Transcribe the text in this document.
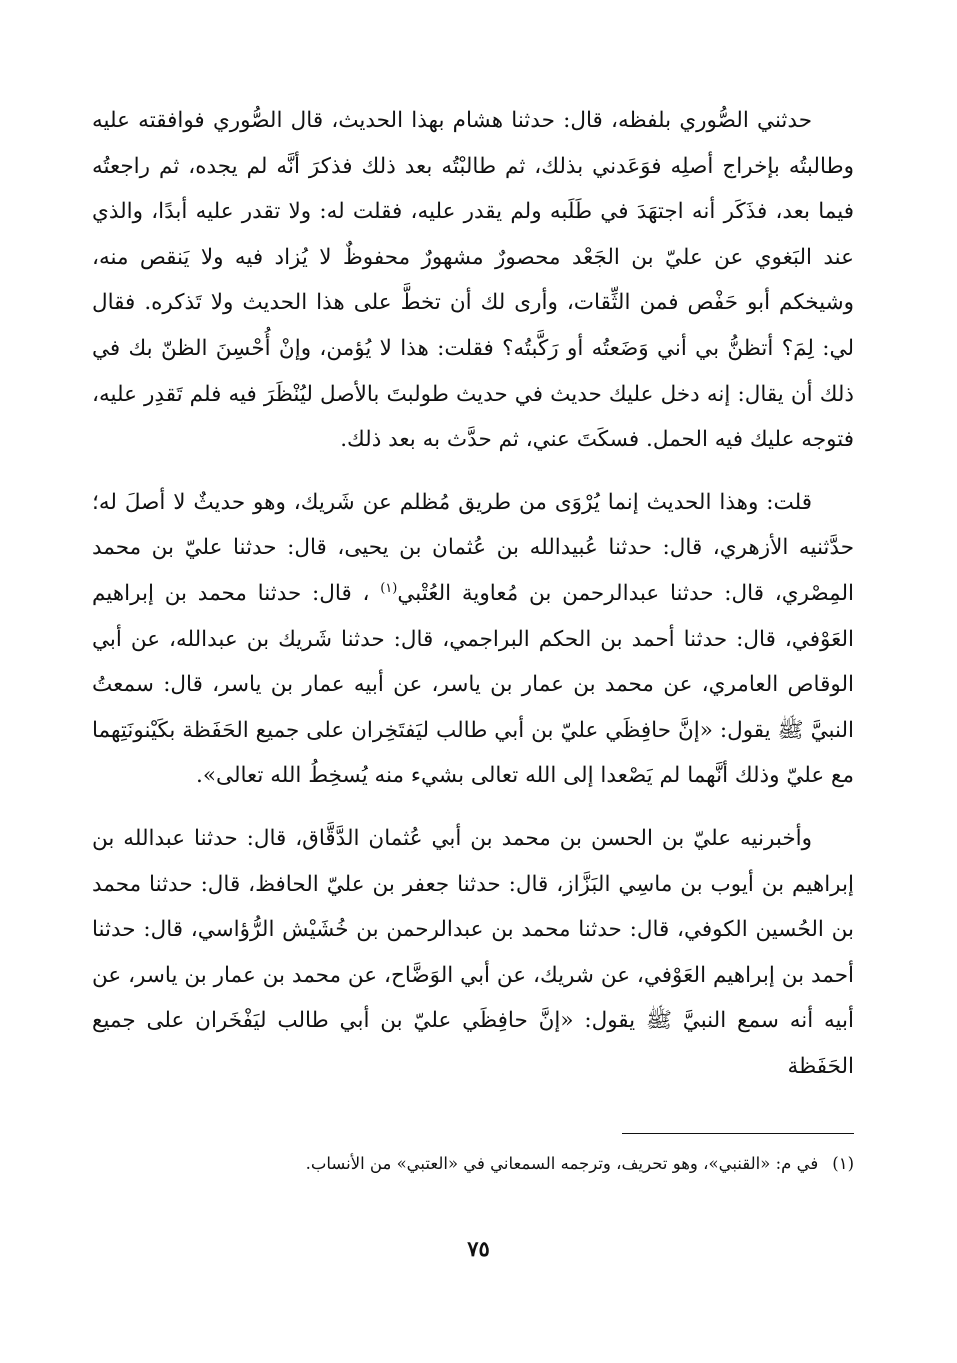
حدثني الصُّوري بلفظه، قال: حدثنا هشام بهذا الحديث، قال الصُّوري فوافقته عليه وطالبتُه بإخراج أصلِه فوَعَدني بذلك، ثم طالبْتُه بعد ذلك فذكرَ أنَّه لم يجده، ثم راجعتُه فيما بعد، فذَكَر أنه اجتهَدَ في طَلَبه ولم يقدر عليه، فقلت له: ولا تقدر عليه أبدًا، والذي عند البَغوي عن عليّ بن الجَعْد محصورٌ مشهورٌ محفوظٌ لا يُزاد فيه ولا يَنقص منه، وشيخكم أبو حَفْص فمن الثِّقات، وأرى لك أن تخطَّ على هذا الحديث ولا تَذكره. فقال لي: لِمَ؟ أتظنُّ بي أني وَضَعتُه أو رَكَّبتُه؟ فقلت: هذا لا يُؤمن، وإنْ أُحْسِنَ الظنّ بك في ذلك أن يقال: إنه دخل عليك حديث في حديث طولبتَ بالأصل ليُنْظَرَ فيه فلم تَقدِر عليه، فتوجه عليك فيه الحمل. فسكَتَ عني، ثم حدَّث به بعد ذلك.

قلت: وهذا الحديث إنما يُرْوَى من طريق مُظلم عن شَريك، وهو حديثٌ لا أصلَ له؛ حدَّثنيه الأزهري، قال: حدثنا عُبيدالله بن عُثمان بن يحيى، قال: حدثنا عليّ بن محمد المِصْري، قال: حدثنا عبدالرحمن بن مُعاوية العُتْبي$^{(١)}$ ، قال: حدثنا محمد بن إبراهيم العَوْفي، قال: حدثنا أحمد بن الحكم البراجمي، قال: حدثنا شَريك بن عبدالله، عن أبي الوقاص العامري، عن محمد بن عمار بن ياسر، عن أبيه عمار بن ياسر، قال: سمعتُ النبيَّ ﷺ يقول: «إنَّ حافِظَي عليّ بن أبي طالب ليَفتَخِران على جميع الحَفَظة بكَيْنونَتِهما مع عليّ وذلك أنَّهما لم يَصْعدا إلى الله تعالى بشيء منه يُسخِطُ الله تعالى».

وأخبرنيه عليّ بن الحسن بن محمد بن أبي عُثمان الدَّقَّاق، قال: حدثنا عبدالله بن إبراهيم بن أيوب بن ماسِي البَزَّاز، قال: حدثنا جعفر بن عليّ الحافظ، قال: حدثنا محمد بن الحُسين الكوفي، قال: حدثنا محمد بن عبدالرحمن بن خُشَيْش الرُّؤاسي، قال: حدثنا أحمد بن إبراهيم العَوْفي، عن شريك، عن أبي الوَضَّاح، عن محمد بن عمار بن ياسر، عن أبيه أنه سمع النبيَّ ﷺ يقول: «إنَّ حافِظَي عليّ بن أبي طالب ليَفْخَران على جميع الحَفَظة

(١)في م: «القنبي»، وهو تحريف، وترجمه السمعاني في «العتبي» من الأنساب.

٧٥
